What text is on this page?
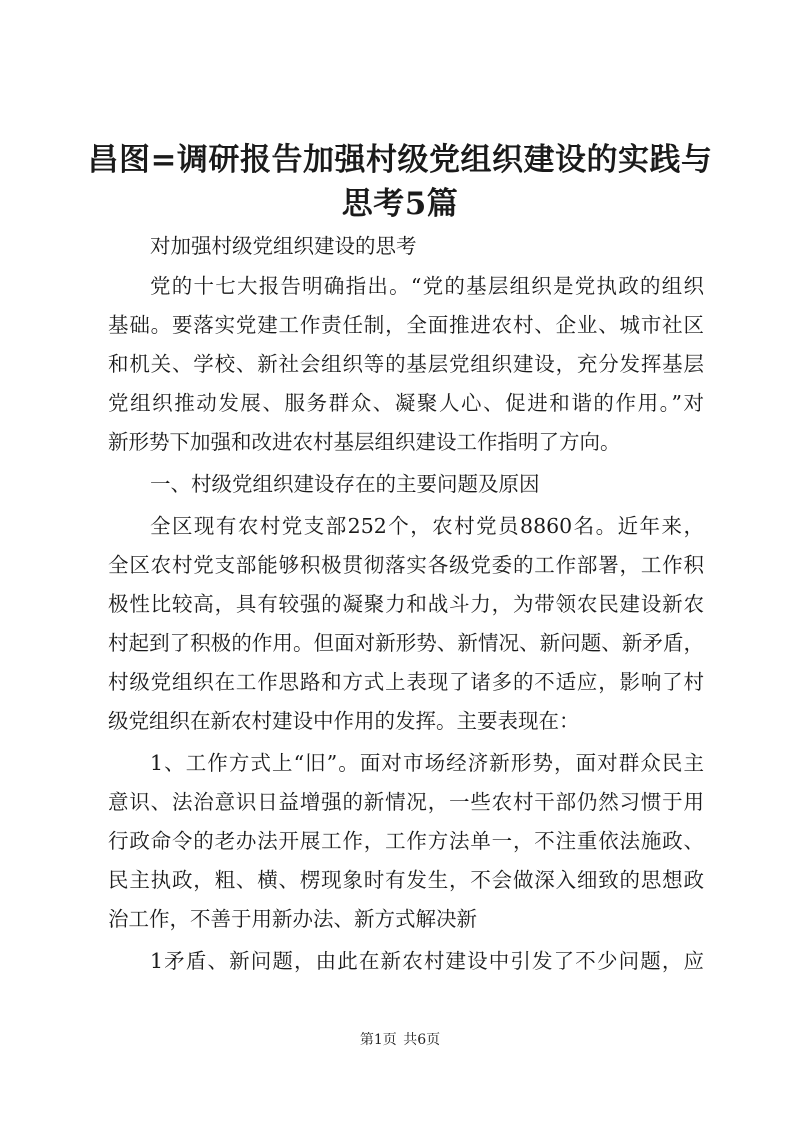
昌图=调研报告加强村级党组织建设的实践与
思考5篇
对加强村级党组织建设的思考
党的十七大报告明确指出。“党的基层组织是党执政的组织
基础。要落实党建工作责任制，全面推进农村、企业、城市社区
和机关、学校、新社会组织等的基层党组织建设，充分发挥基层
党组织推动发展、服务群众、凝聚人心、促进和谐的作用。”对
新形势下加强和改进农村基层组织建设工作指明了方向。
一、村级党组织建设存在的主要问题及原因
全区现有农村党支部252个，农村党员8860名。近年来，
全区农村党支部能够积极贯彻落实各级党委的工作部署，工作积
极性比较高，具有较强的凝聚力和战斗力，为带领农民建设新农
村起到了积极的作用。但面对新形势、新情况、新问题、新矛盾，
村级党组织在工作思路和方式上表现了诸多的不适应，影响了村
级党组织在新农村建设中作用的发挥。主要表现在：
1、工作方式上“旧”。面对市场经济新形势，面对群众民主
意识、法治意识日益增强的新情况，一些农村干部仍然习惯于用
行政命令的老办法开展工作，工作方法单一，不注重依法施政、
民主执政，粗、横、楞现象时有发生，不会做深入细致的思想政
治工作，不善于用新办法、新方式解决新
1矛盾、新问题，由此在新农村建设中引发了不少问题，应
第1页 共6页
